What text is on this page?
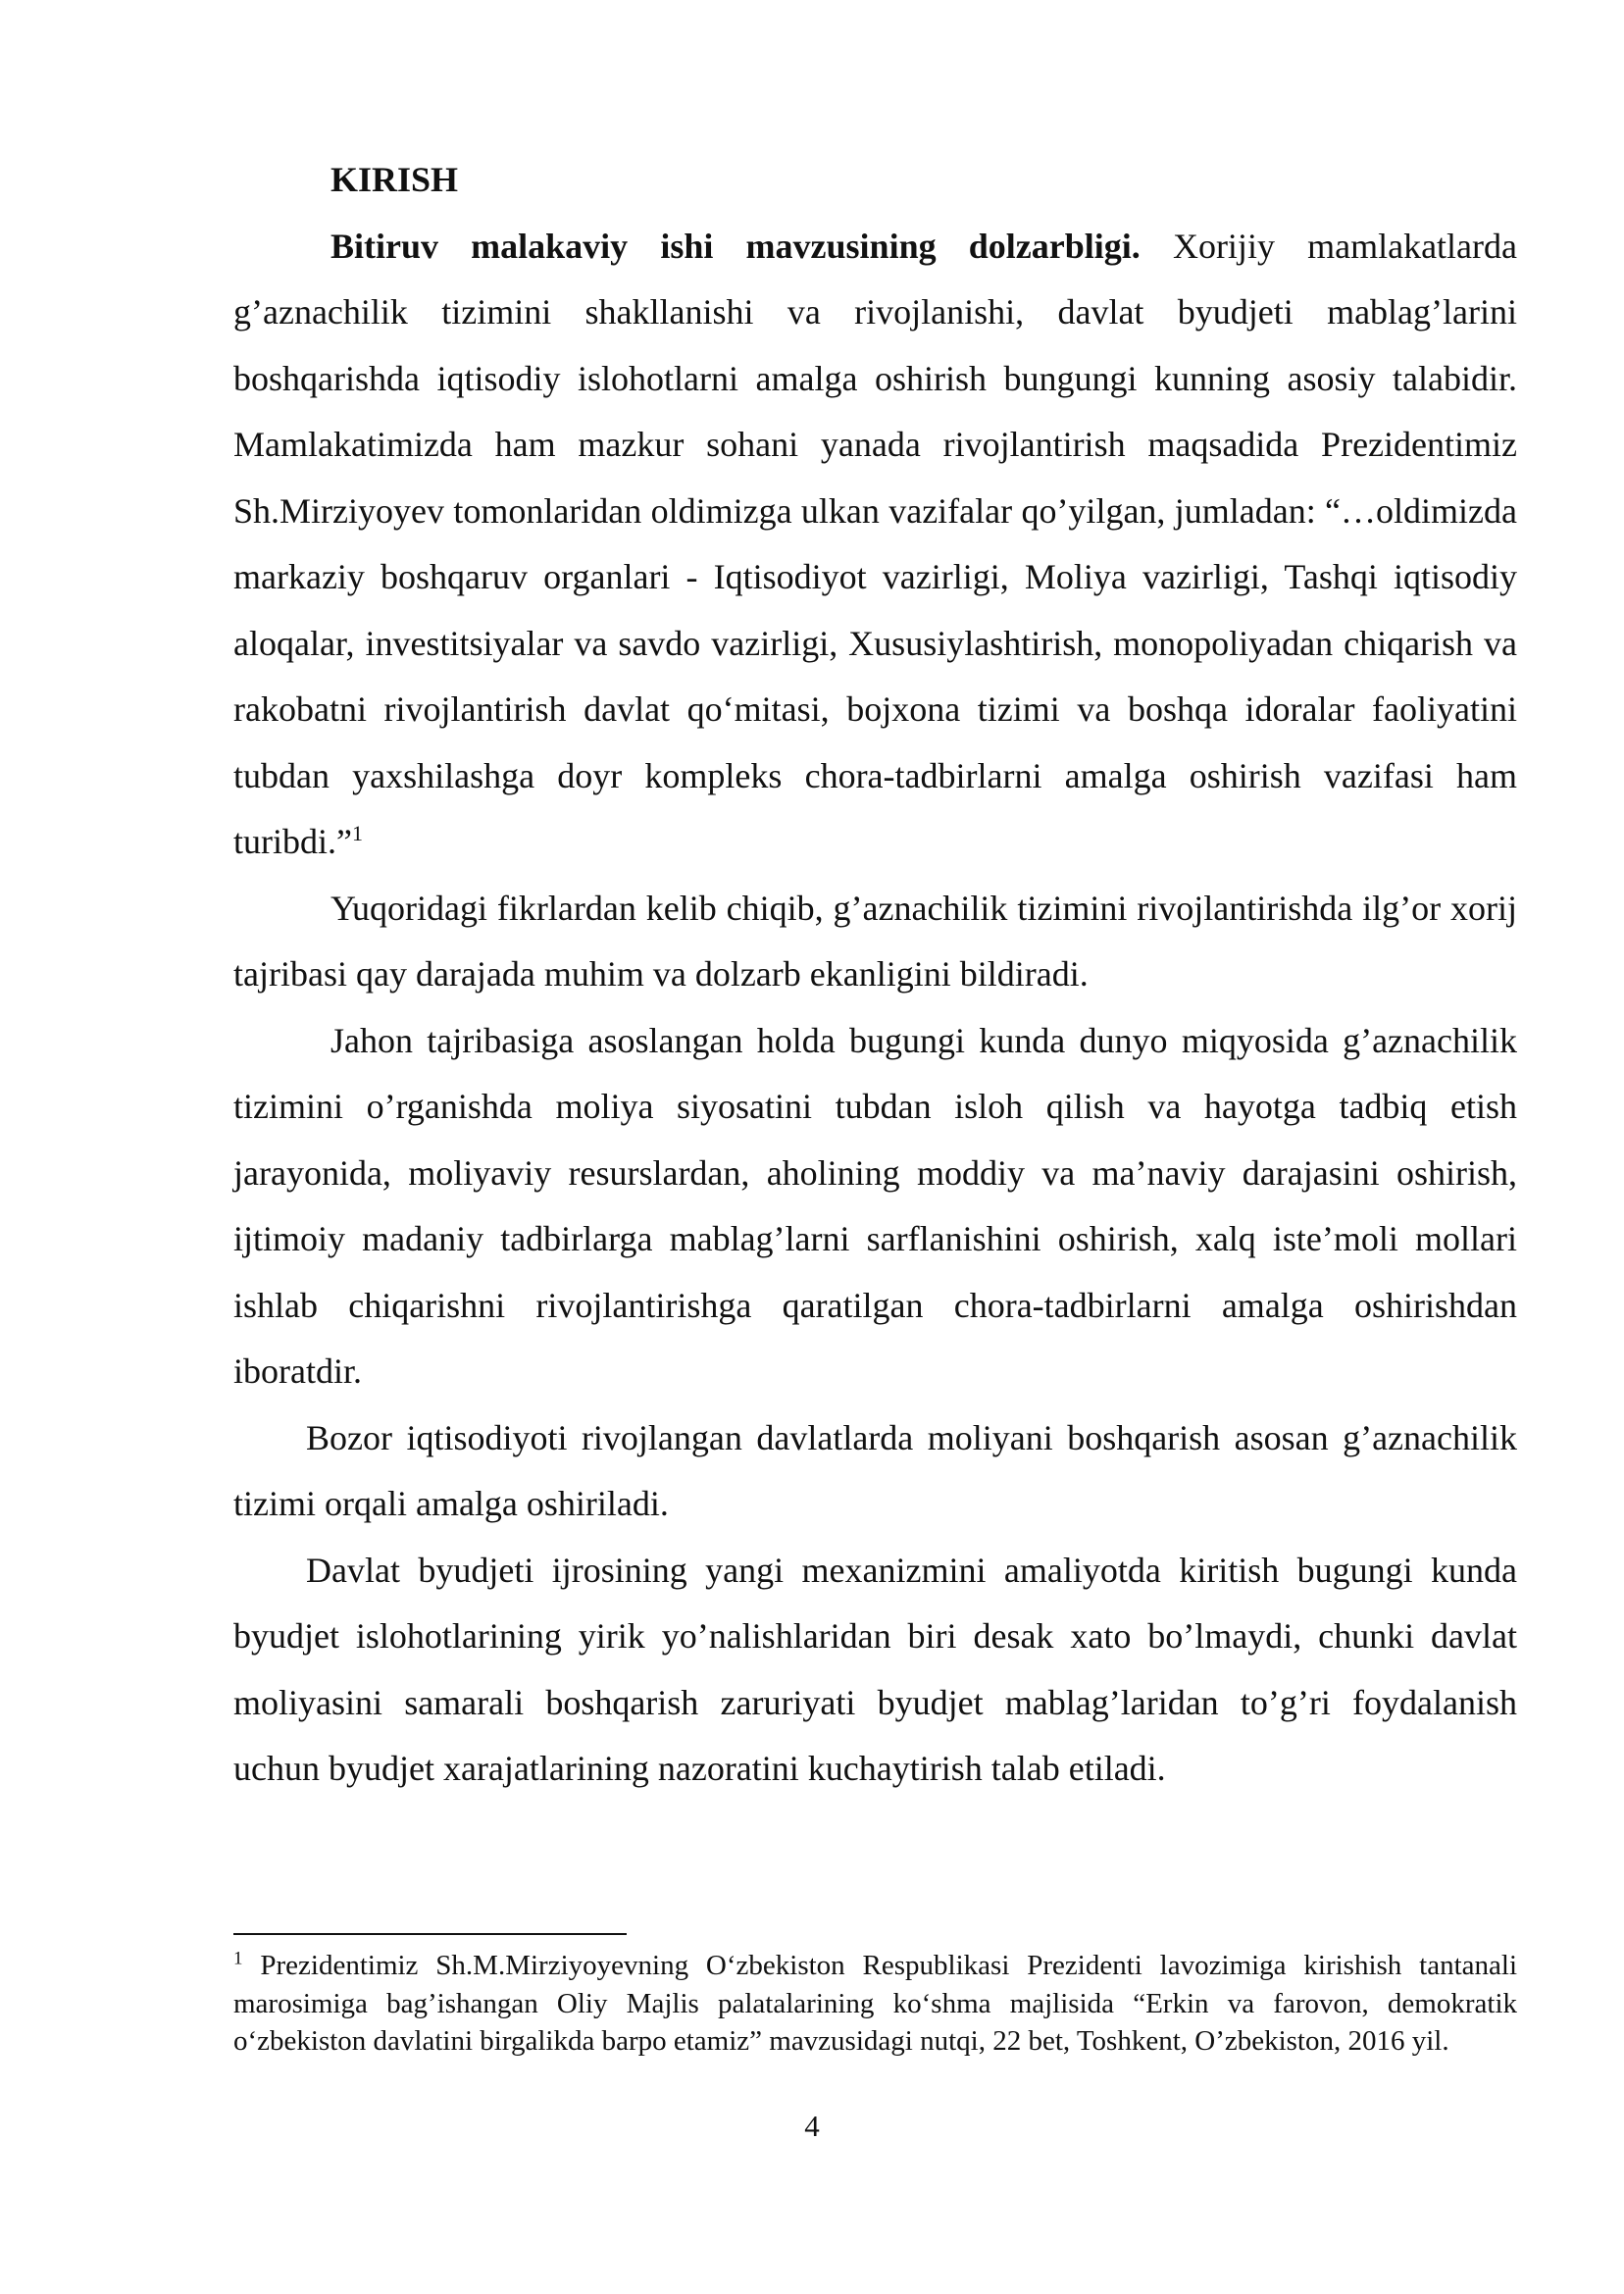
KIRISH

Bitiruv malakaviy ishi mavzusining dolzarbligi. Xorijiy mamlakatlarda g’aznachilik tizimini shakllanishi va rivojlanishi, davlat byudjeti mablag’larini boshqarishda iqtisodiy islohotlarni amalga oshirish bungungi kunning asosiy talabidir. Mamlakatimizda ham mazkur sohani yanada rivojlantirish maqsadida Prezidentimiz Sh.Mirziyoyev tomonlaridan oldimizga ulkan vazifalar qo’yilgan, jumladan: “…oldimizda markaziy boshqaruv organlari - Iqtisodiyot vazirligi, Moliya vazirligi, Tashqi iqtisodiy aloqalar, investitsiyalar va savdo vazirligi, Xususiylashtirish, monopoliyadan chiqarish va rakobatni rivojlantirish davlat qo‘mitasi, bojxona tizimi va boshqa idoralar faoliyatini tubdan yaxshilashga doyr kompleks chora-tadbirlarni amalga oshirish vazifasi ham turibdi.”$^1$

Yuqoridagi fikrlardan kelib chiqib, g’aznachilik tizimini rivojlantirishda ilg’or xorij tajribasi qay darajada muhim va dolzarb ekanligini bildiradi.

Jahon tajribasiga asoslangan holda bugungi kunda dunyo miqyosida g’aznachilik tizimini o’rganishda moliya siyosatini tubdan isloh qilish va hayotga tadbiq etish jarayonida, moliyaviy resurslardan, aholining moddiy va ma’naviy darajasini oshirish, ijtimoiy madaniy tadbirlarga mablag’larni sarflanishini oshirish, xalq iste’moli mollari ishlab chiqarishni rivojlantirishga qaratilgan chora-tadbirlarni amalga oshirishdan iboratdir.

Bozor iqtisodiyoti rivojlangan davlatlarda moliyani boshqarish asosan g’aznachilik tizimi orqali amalga oshiriladi.

Davlat byudjeti ijrosining yangi mexanizmini amaliyotda kiritish bugungi kunda byudjet islohotlarining yirik yo’nalishlaridan biri desak xato bo’lmaydi, chunki davlat moliyasini samarali boshqarish zaruriyati byudjet mablag’laridan to’g’ri foydalanish uchun byudjet xarajatlarining nazoratini kuchaytirish talab etiladi.

$^1$ Prezidentimiz Sh.M.Mirziyoyevning O‘zbekiston Respublikasi Prezidenti lavozimiga kirishish tantanali marosimiga bag’ishangan Oliy Majlis palatalarining ko‘shma majlisida “Erkin va farovon, demokratik o‘zbekiston davlatini birgalikda barpo etamiz” mavzusidagi nutqi, 22 bet, Toshkent, O’zbekiston, 2016 yil.

4
